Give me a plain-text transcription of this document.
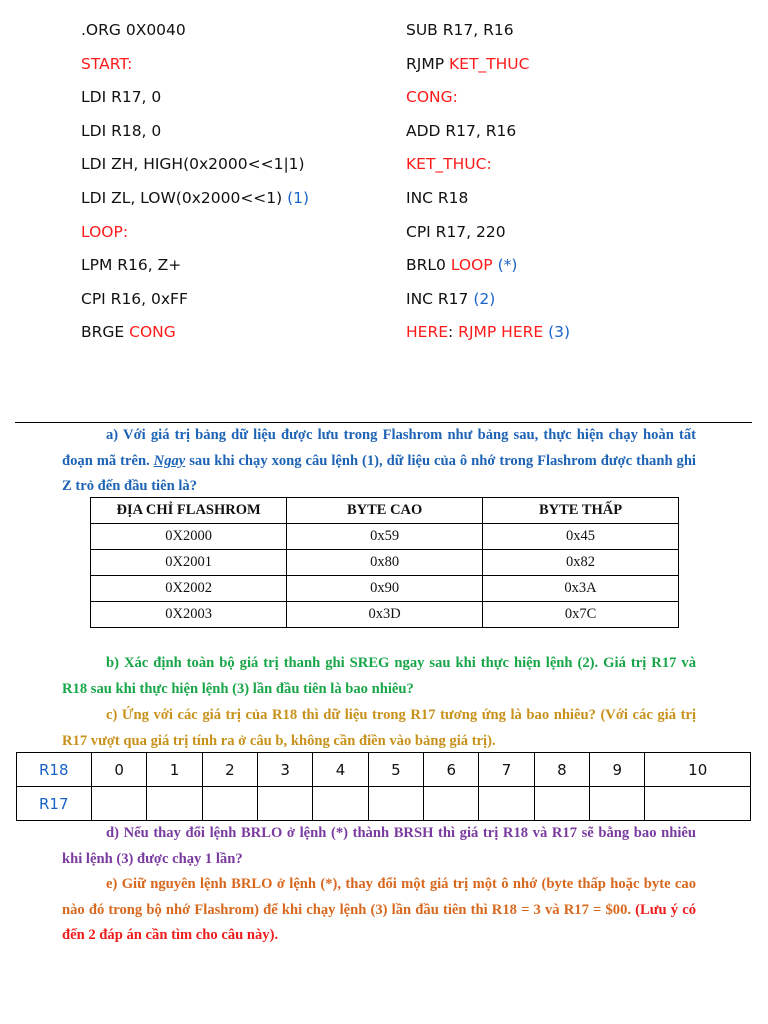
.ORG 0X0040
START:
LDI R17, 0
LDI R18, 0
LDI ZH, HIGH(0x2000<<1|1)
LDI ZL, LOW(0x2000<<1) (1)
LOOP:
LPM R16, Z+
CPI R16, 0xFF
BRGE CONG
SUB R17, R16
RJMP KET_THUC
CONG:
ADD R17, R16
KET_THUC:
INC R18
CPI R17, 220
BRL0 LOOP (*)
INC R17 (2)
HERE: RJMP HERE (3)
a) Với giá trị bảng dữ liệu được lưu trong Flashrom như bảng sau, thực hiện chạy hoàn tất đoạn mã trên. Ngay sau khi chạy xong câu lệnh (1), dữ liệu của ô nhớ trong Flashrom được thanh ghi Z trỏ đến đầu tiên là?
ĐỊA CHỈ FLASHROM	BYTE CAO	BYTE THẤP
0X2000	0x59	0x45
0X2001	0x80	0x82
0X2002	0x90	0x3A
0X2003	0x3D	0x7C
b) Xác định toàn bộ giá trị thanh ghi SREG ngay sau khi thực hiện lệnh (2). Giá trị R17 và R18 sau khi thực hiện lệnh (3) lần đầu tiên là bao nhiêu?
c) Ứng với các giá trị của R18 thì dữ liệu trong R17 tương ứng là bao nhiêu? (Với các giá trị R17 vượt qua giá trị tính ra ở câu b, không cần điền vào bảng giá trị).
R18	0	1	2	3	4	5	6	7	8	9	10
R17											
d) Nếu thay đổi lệnh BRLO ở lệnh (*) thành BRSH thì giá trị R18 và R17 sẽ bằng bao nhiêu khi lệnh (3) được chạy 1 lần?
e) Giữ nguyên lệnh BRLO ở lệnh (*), thay đổi một giá trị một ô nhớ (byte thấp hoặc byte cao nào đó trong bộ nhớ Flashrom) để khi chạy lệnh (3) lần đầu tiên thì R18 = 3 và R17 = $00. (Lưu ý có đến 2 đáp án cần tìm cho câu này).
